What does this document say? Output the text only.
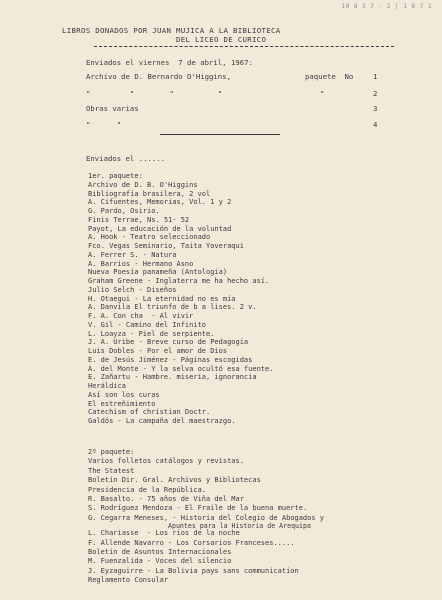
10 8 3 7 - 2 | 1 8 7 1
LIBROS DONADOS POR JUAN MUJICA A LA BIBLIOTECA
DEL LICEO DE CURICO
Enviados el viernes  7 de abril, 1967:
Archivo de D. Bernardo O'Higgins,	paquete  No	1
"         "        "          "	"	2
Obras varias	3
"      "	4
Enviados el ......
1er. paquete:
Archivo de D. B. O'Higgins
Bibliografía brasilera, 2 vol
A. Cifuentes, Memorias, Vol. 1 y 2
G. Pardo, Osirio.
Finis Terrae, Ns. 51- 52
Payot, La educación de la voluntad
A. Hook - Teatro seleccionado
Fco. Vegas Seminario, Taita Yoveraqui
A. Ferrer S. - Natura
A. Barrios - Hermano Asno
Nueva Poesía panameña (Antología)
Graham Greene - Inglaterra me ha hecho así.
Julio Selch - Diseños
H. Otaegui - La eternidad no es mía
A. Danvila El triunfo de b a lises. 2 v.
F. A. Con cha  - Al vivir
V. Gil - Camino del Infinito
L. Loayza - Piel de serpiente.
J. A. Uribe - Breve curso de Pedagogía
Luis Dobles - Por el amor de Dios
E. de Jesús Jiménez - Páginas escogidas
A. del Monte - Y la selva ocultó esa fuente.
E. Zañartu - Hambre. miseria, ignorancia
Heráldica
Así son los curas
El estreñimiento
Catechism of christian Doctr.
Galdós - La campaña del maestrazgo.
2º paquete:
Varios folletos catálogos y revistas.
The Statest
Boletín Dir. Gral. Archivos y Bibliotecas
Presidencia de la República.
R. Basalto. - 75 años de Viña del Mar
S. Rodríguez Mendoza - El Fraile de la buena muerte.
G. Cegarra Meneses, - Historia del Colegio de Abogados y
Apuntes para la Historia de Arequipa
L. Chariasse  - Los ríos de la noche
F. Allende Navarro - Los Corsarios Franceses.....
Boletín de Asuntos Internacionales
M. Fuenzalida - Voces del silencio
J. Eyzaguirre - La Bolivia pays sans communication
Reglamento Consular
